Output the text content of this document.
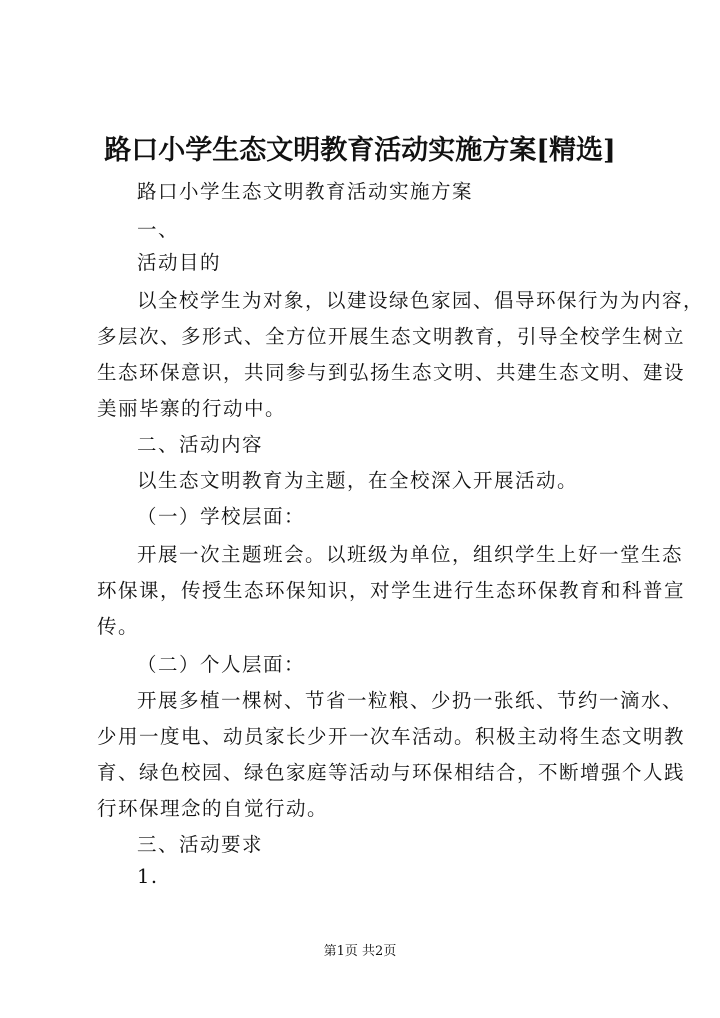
路口小学生态文明教育活动实施方案[精选]
路口小学生态文明教育活动实施方案
一、
活动目的
以全校学生为对象，以建设绿色家园、倡导环保行为为内容，
多层次、多形式、全方位开展生态文明教育，引导全校学生树立
生态环保意识，共同参与到弘扬生态文明、共建生态文明、建设
美丽毕寨的行动中。
二、活动内容
以生态文明教育为主题，在全校深入开展活动。
（一）学校层面：
开展一次主题班会。以班级为单位，组织学生上好一堂生态
环保课，传授生态环保知识，对学生进行生态环保教育和科普宣
传。
（二）个人层面：
开展多植一棵树、节省一粒粮、少扔一张纸、节约一滴水、
少用一度电、动员家长少开一次车活动。积极主动将生态文明教
育、绿色校园、绿色家庭等活动与环保相结合，不断增强个人践
行环保理念的自觉行动。
三、活动要求
1.
第1页 共2页
